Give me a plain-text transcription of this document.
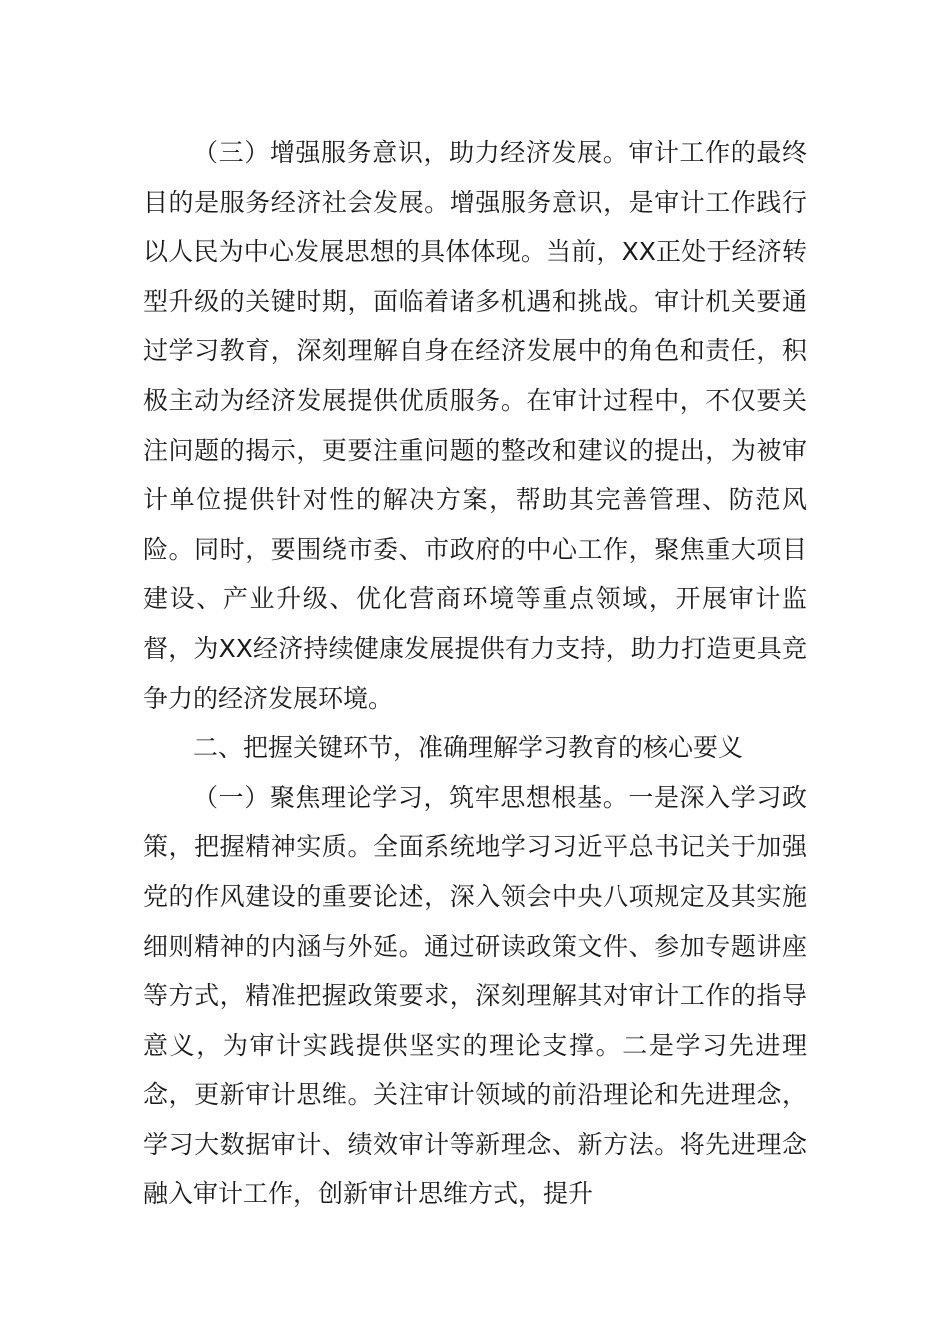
（三）增强服务意识，助力经济发展。审计工作的最终目的是服务经济社会发展。增强服务意识，是审计工作践行以人民为中心发展思想的具体体现。当前，XX正处于经济转型升级的关键时期，面临着诸多机遇和挑战。审计机关要通过学习教育，深刻理解自身在经济发展中的角色和责任，积极主动为经济发展提供优质服务。在审计过程中，不仅要关注问题的揭示，更要注重问题的整改和建议的提出，为被审计单位提供针对性的解决方案，帮助其完善管理、防范风险。同时，要围绕市委、市政府的中心工作，聚焦重大项目建设、产业升级、优化营商环境等重点领域，开展审计监督，为XX经济持续健康发展提供有力支持，助力打造更具竞争力的经济发展环境。

二、把握关键环节，准确理解学习教育的核心要义

（一）聚焦理论学习，筑牢思想根基。一是深入学习政策，把握精神实质。全面系统地学习习近平总书记关于加强党的作风建设的重要论述，深入领会中央八项规定及其实施细则精神的内涵与外延。通过研读政策文件、参加专题讲座等方式，精准把握政策要求，深刻理解其对审计工作的指导意义，为审计实践提供坚实的理论支撑。二是学习先进理念，更新审计思维。关注审计领域的前沿理论和先进理念，学习大数据审计、绩效审计等新理念、新方法。将先进理念融入审计工作，创新审计思维方式，提升
